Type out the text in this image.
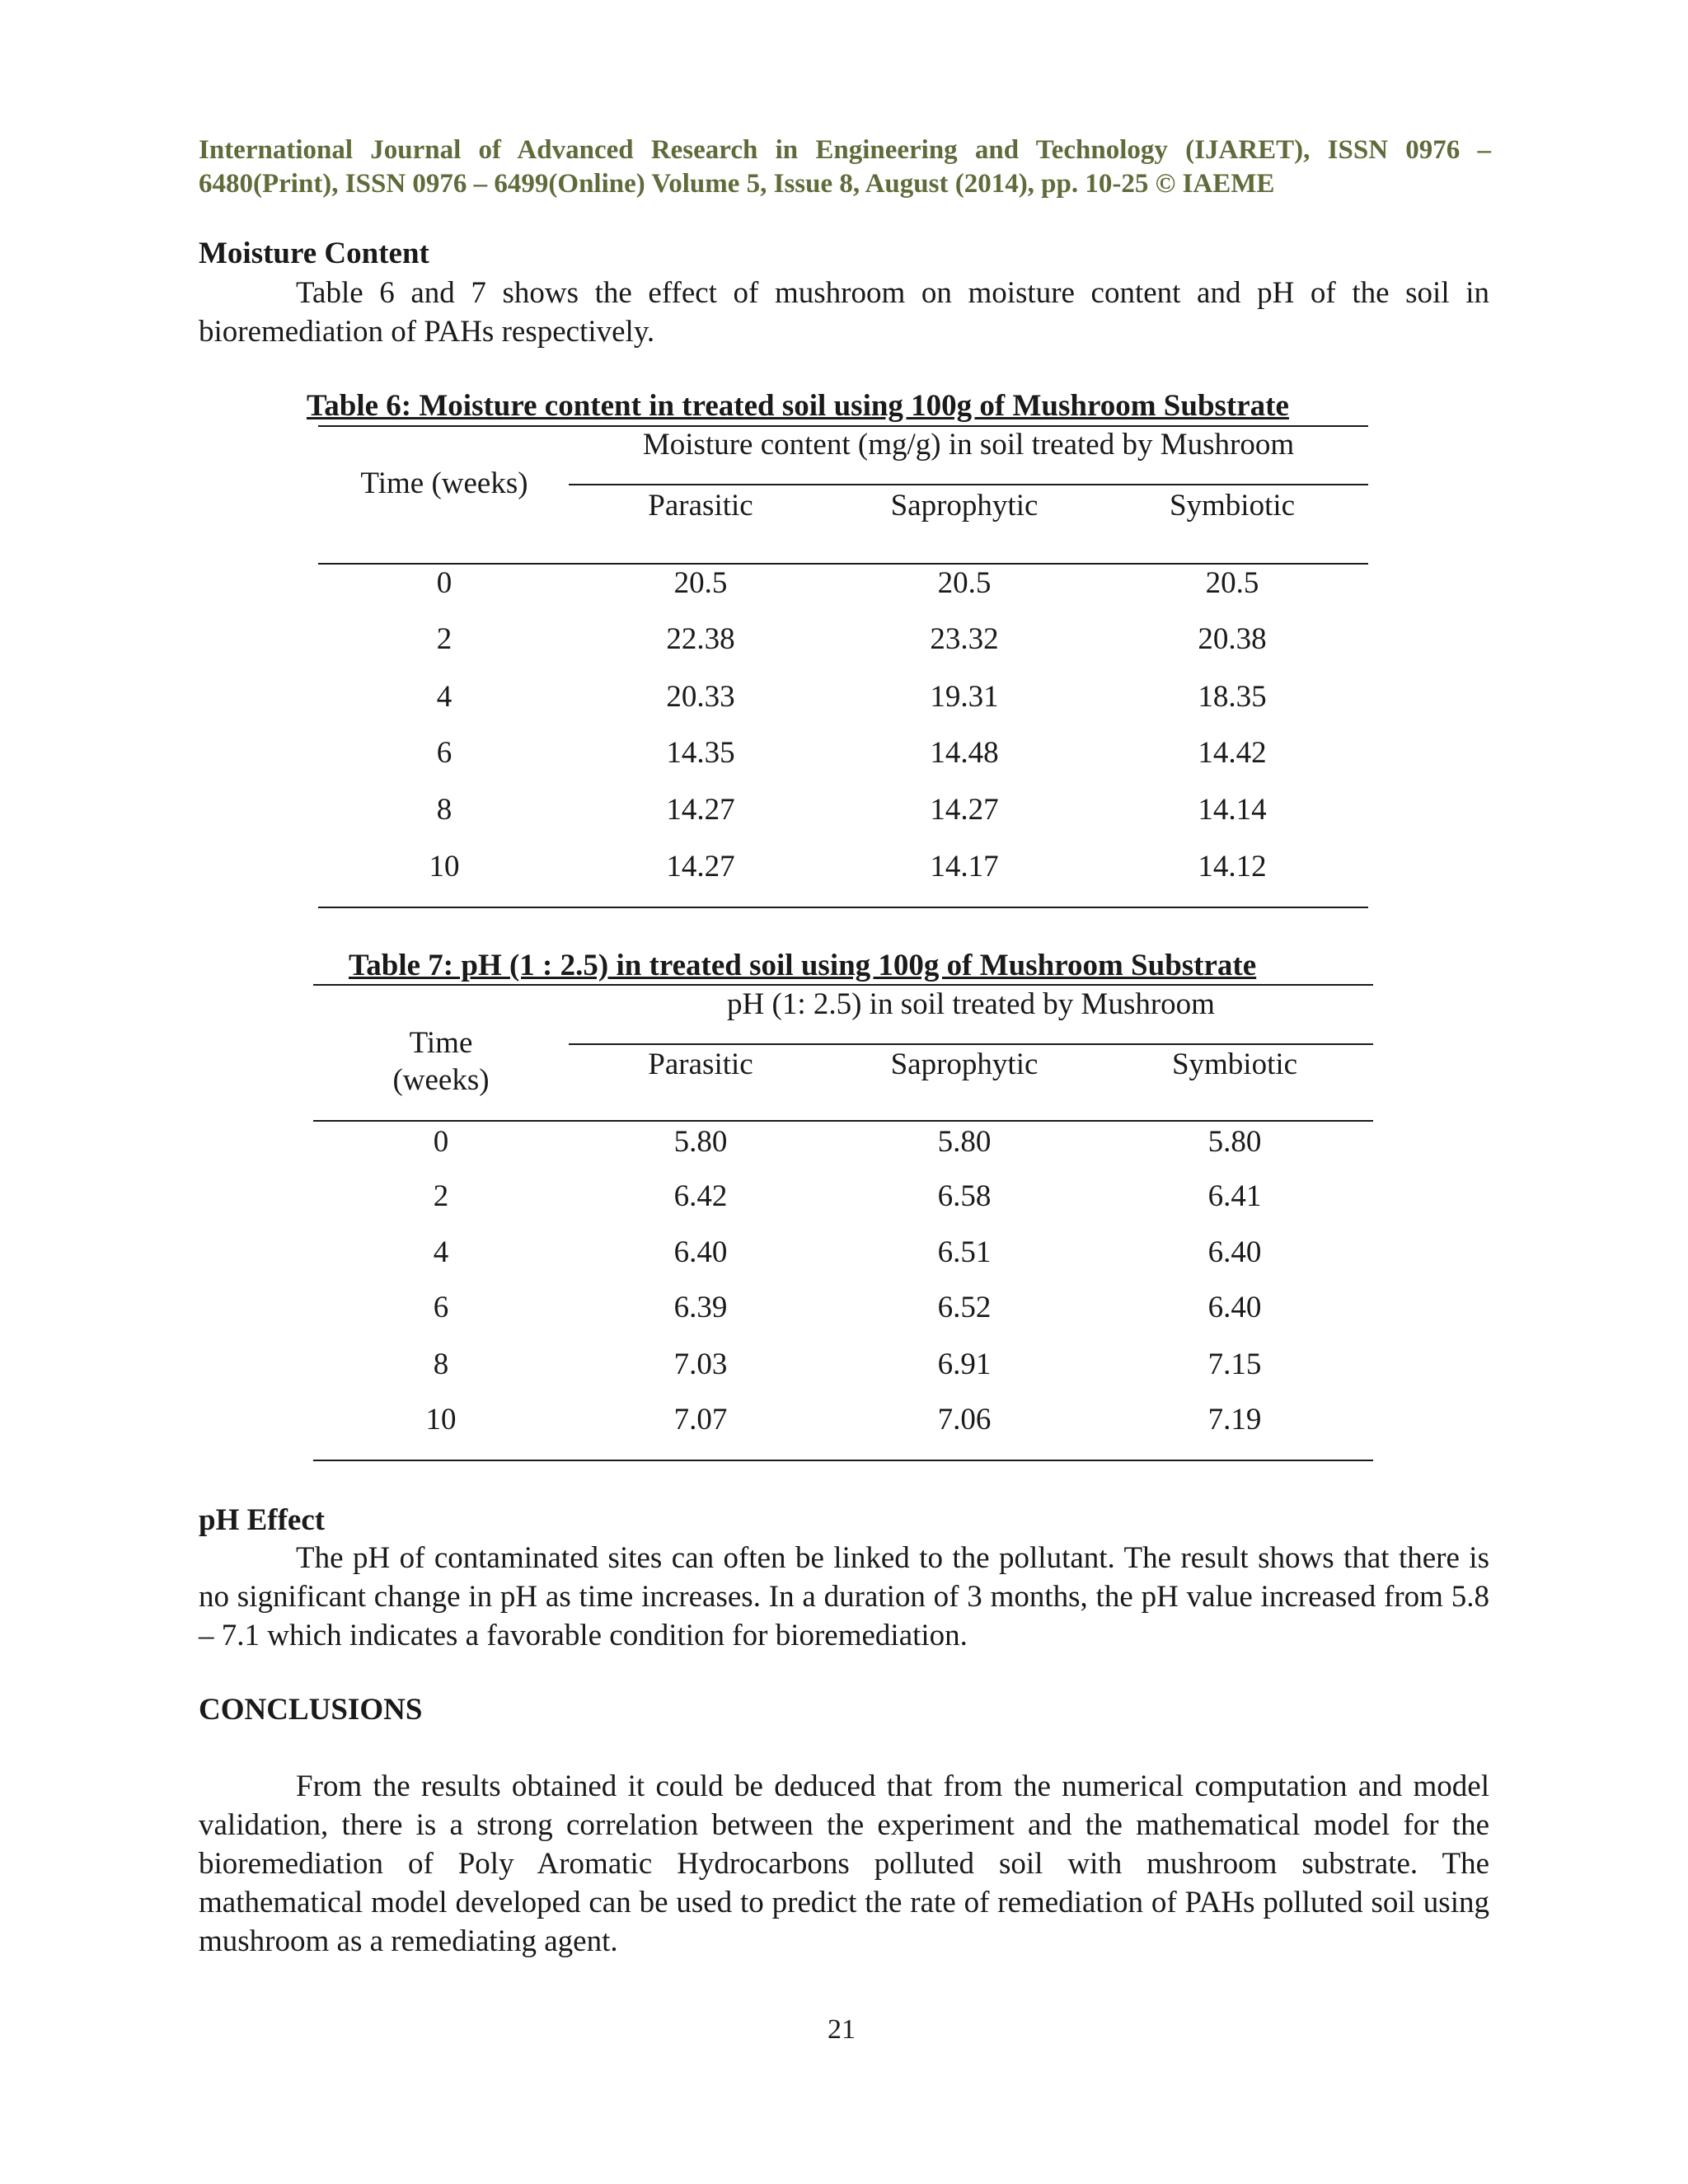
International Journal of Advanced Research in Engineering and Technology (IJARET), ISSN 0976 –
6480(Print), ISSN 0976 – 6499(Online) Volume 5, Issue 8, August (2014), pp. 10-25 © IAEME
Moisture Content
Table 6 and 7 shows the effect of mushroom on moisture content and pH of the soil in bioremediation of PAHs respectively.
Table 6: Moisture content in treated soil using 100g of Mushroom Substrate
Moisture content (mg/g) in soil treated by Mushroom
Time (weeks)
Parasitic	Saprophytic	Symbiotic
0	20.5	20.5	20.5
2	22.38	23.32	20.38
4	20.33	19.31	18.35
6	14.35	14.48	14.42
8	14.27	14.27	14.14
10	14.27	14.17	14.12
Table 7: pH (1 : 2.5) in treated soil using 100g of Mushroom Substrate
pH (1: 2.5) in soil treated by Mushroom
Time
(weeks)	Parasitic	Saprophytic	Symbiotic
0	5.80	5.80	5.80
2	6.42	6.58	6.41
4	6.40	6.51	6.40
6	6.39	6.52	6.40
8	7.03	6.91	7.15
10	7.07	7.06	7.19
pH Effect
The pH of contaminated sites can often be linked to the pollutant. The result shows that there is no significant change in pH as time increases. In a duration of 3 months, the pH value increased from 5.8 – 7.1 which indicates a favorable condition for bioremediation.
CONCLUSIONS
From the results obtained it could be deduced that from the numerical computation and model validation, there is a strong correlation between the experiment and the mathematical model for the bioremediation of Poly Aromatic Hydrocarbons polluted soil with mushroom substrate. The mathematical model developed can be used to predict the rate of remediation of PAHs polluted soil using mushroom as a remediating agent.
21
